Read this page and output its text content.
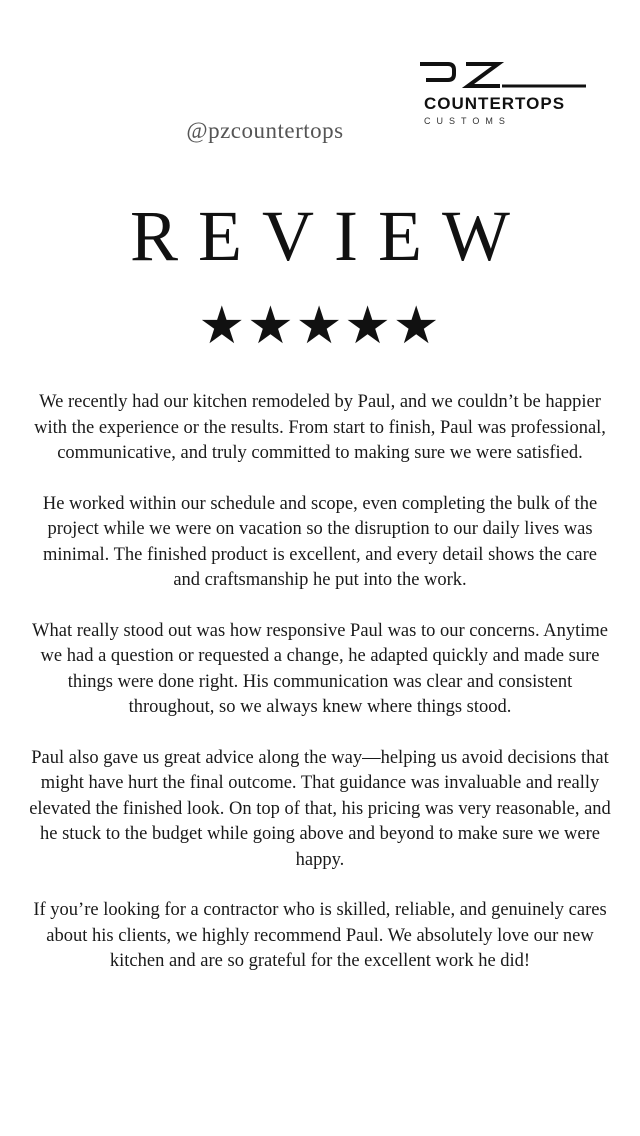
COUNTERTOPS
CUSTOMS
@pzcountertops
REVIEW
★★★★★

We recently had our kitchen remodeled by Paul, and we couldn’t be happier with the experience or the results. From start to finish, Paul was professional, communicative, and truly committed to making sure we were satisfied.

He worked within our schedule and scope, even completing the bulk of the project while we were on vacation so the disruption to our daily lives was minimal. The finished product is excellent, and every detail shows the care and craftsmanship he put into the work.

What really stood out was how responsive Paul was to our concerns. Anytime we had a question or requested a change, he adapted quickly and made sure things were done right. His communication was clear and consistent throughout, so we always knew where things stood.

Paul also gave us great advice along the way—helping us avoid decisions that might have hurt the final outcome. That guidance was invaluable and really elevated the finished look. On top of that, his pricing was very reasonable, and he stuck to the budget while going above and beyond to make sure we were happy.

If you’re looking for a contractor who is skilled, reliable, and genuinely cares about his clients, we highly recommend Paul. We absolutely love our new kitchen and are so grateful for the excellent work he did!
